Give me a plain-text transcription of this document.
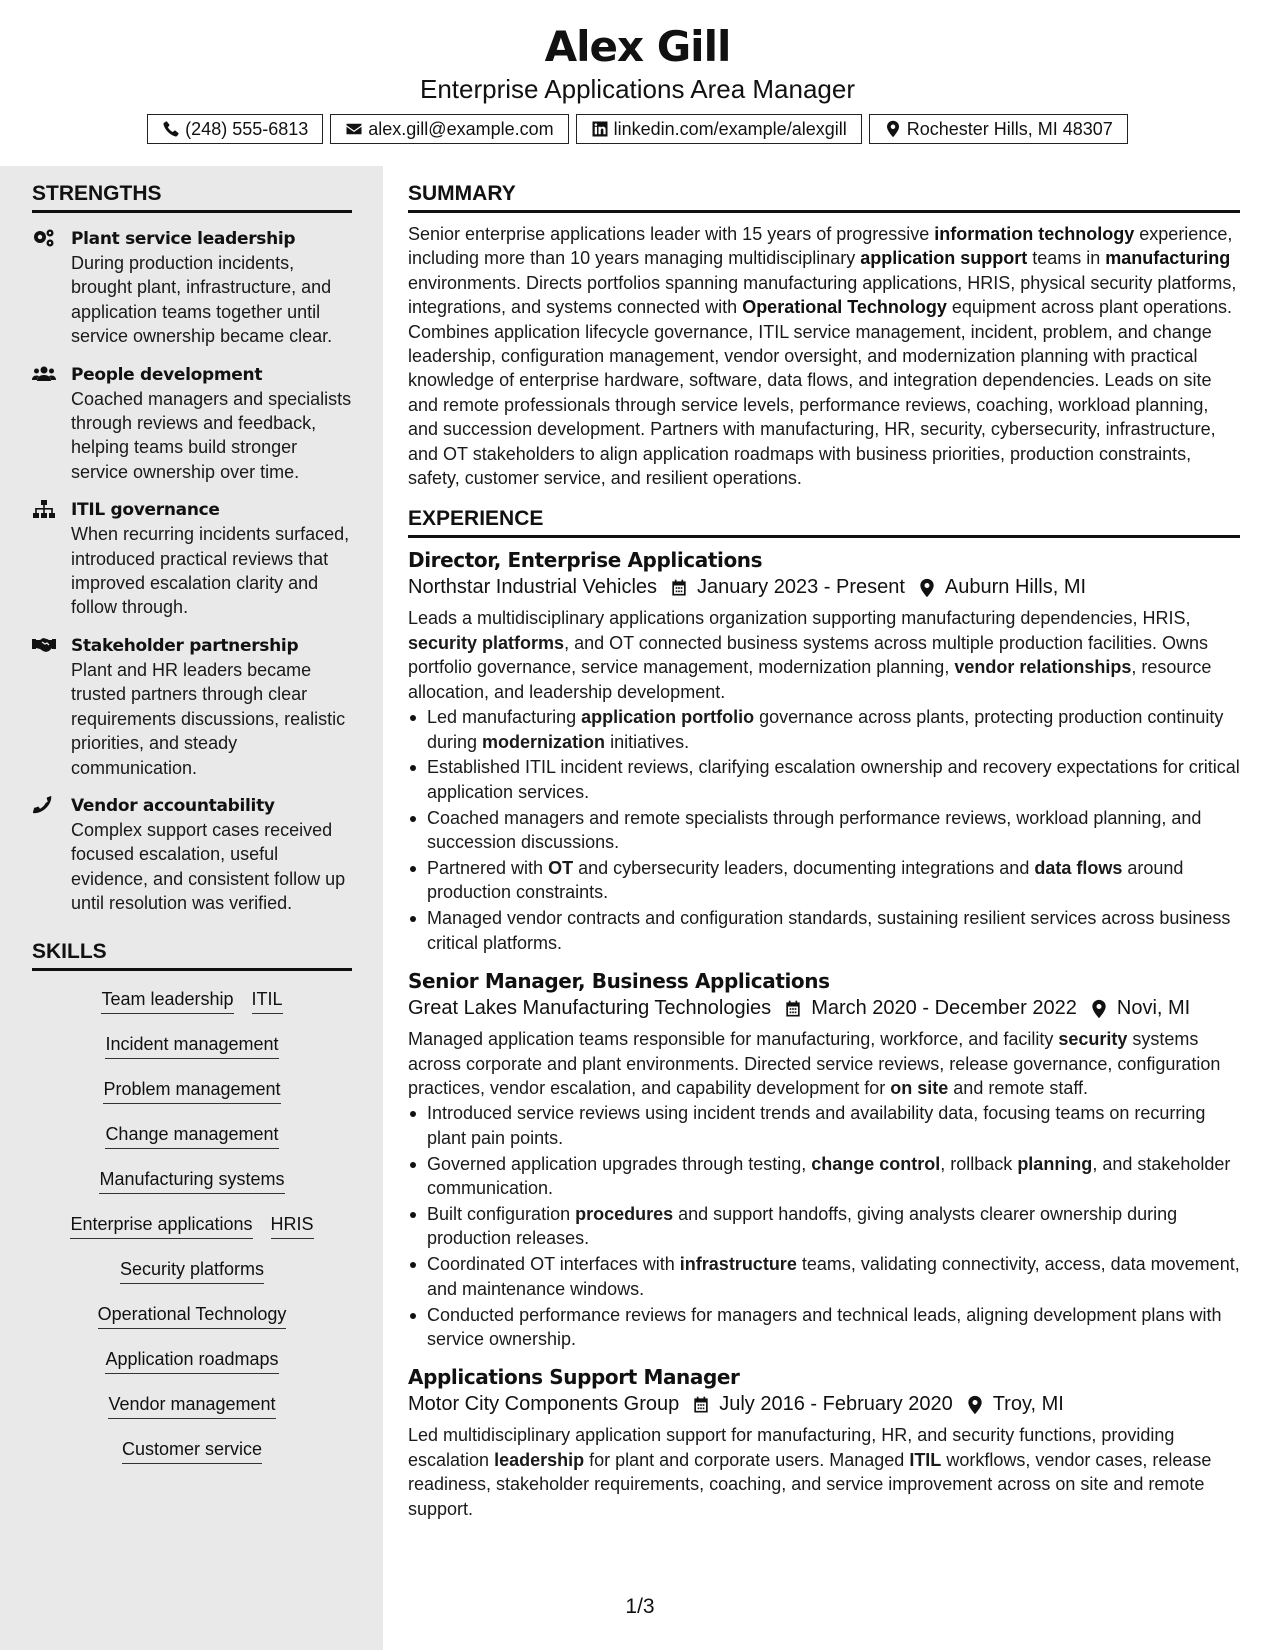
Alex Gill
Enterprise Applications Area Manager
(248) 555-6813	alex.gill@example.com	linkedin.com/example/alexgill	Rochester Hills, MI 48307
STRENGTHS
Plant service leadership
During production incidents, brought plant, infrastructure, and application teams together until service ownership became clear.
People development
Coached managers and specialists through reviews and feedback, helping teams build stronger service ownership over time.
ITIL governance
When recurring incidents surfaced, introduced practical reviews that improved escalation clarity and follow through.
Stakeholder partnership
Plant and HR leaders became trusted partners through clear requirements discussions, realistic priorities, and steady communication.
Vendor accountability
Complex support cases received focused escalation, useful evidence, and consistent follow up until resolution was verified.
SKILLS
Team leadership ITIL
Incident management
Problem management
Change management
Manufacturing systems
Enterprise applications HRIS
Security platforms
Operational Technology
Application roadmaps
Vendor management
Customer service
SUMMARY
Senior enterprise applications leader with 15 years of progressive information technology experience, including more than 10 years managing multidisciplinary application support teams in manufacturing environments. Directs portfolios spanning manufacturing applications, HRIS, physical security platforms, integrations, and systems connected with Operational Technology equipment across plant operations. Combines application lifecycle governance, ITIL service management, incident, problem, and change leadership, configuration management, vendor oversight, and modernization planning with practical knowledge of enterprise hardware, software, data flows, and integration dependencies. Leads on site and remote professionals through service levels, performance reviews, coaching, workload planning, and succession development. Partners with manufacturing, HR, security, cybersecurity, infrastructure, and OT stakeholders to align application roadmaps with business priorities, production constraints, safety, customer service, and resilient operations.
EXPERIENCE
Director, Enterprise Applications
Northstar Industrial Vehicles January 2023 - Present Auburn Hills, MI
Leads a multidisciplinary applications organization supporting manufacturing dependencies, HRIS, security platforms, and OT connected business systems across multiple production facilities. Owns portfolio governance, service management, modernization planning, vendor relationships, resource allocation, and leadership development.
Led manufacturing application portfolio governance across plants, protecting production continuity during modernization initiatives.
Established ITIL incident reviews, clarifying escalation ownership and recovery expectations for critical application services.
Coached managers and remote specialists through performance reviews, workload planning, and succession discussions.
Partnered with OT and cybersecurity leaders, documenting integrations and data flows around production constraints.
Managed vendor contracts and configuration standards, sustaining resilient services across business critical platforms.
Senior Manager, Business Applications
Great Lakes Manufacturing Technologies March 2020 - December 2022 Novi, MI
Managed application teams responsible for manufacturing, workforce, and facility security systems across corporate and plant environments. Directed service reviews, release governance, configuration practices, vendor escalation, and capability development for on site and remote staff.
Introduced service reviews using incident trends and availability data, focusing teams on recurring plant pain points.
Governed application upgrades through testing, change control, rollback planning, and stakeholder communication.
Built configuration procedures and support handoffs, giving analysts clearer ownership during production releases.
Coordinated OT interfaces with infrastructure teams, validating connectivity, access, data movement, and maintenance windows.
Conducted performance reviews for managers and technical leads, aligning development plans with service ownership.
Applications Support Manager
Motor City Components Group July 2016 - February 2020 Troy, MI
Led multidisciplinary application support for manufacturing, HR, and security functions, providing escalation leadership for plant and corporate users. Managed ITIL workflows, vendor cases, release readiness, stakeholder requirements, coaching, and service improvement across on site and remote support.
1/3
